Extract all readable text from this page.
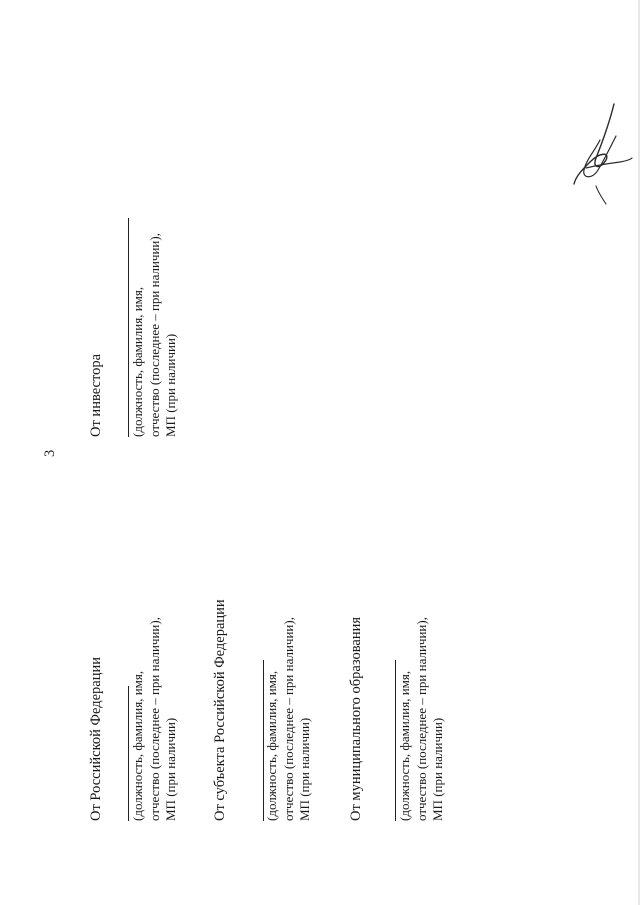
3
От Российской Федерации (должность, фамилия, имя, отчество (последнее – при наличии), МП (при наличии) От субъекта Российской Федерации	(должность, фамилия, имя, отчество (последнее – при наличии), МП (при наличии) От муниципального образования	(должность, фамилия, имя, отчество (последнее – при наличии), МП (при наличии)
От инвестора (должность, фамилия, имя, отчество (последнее – при наличии), МП (при наличии)
